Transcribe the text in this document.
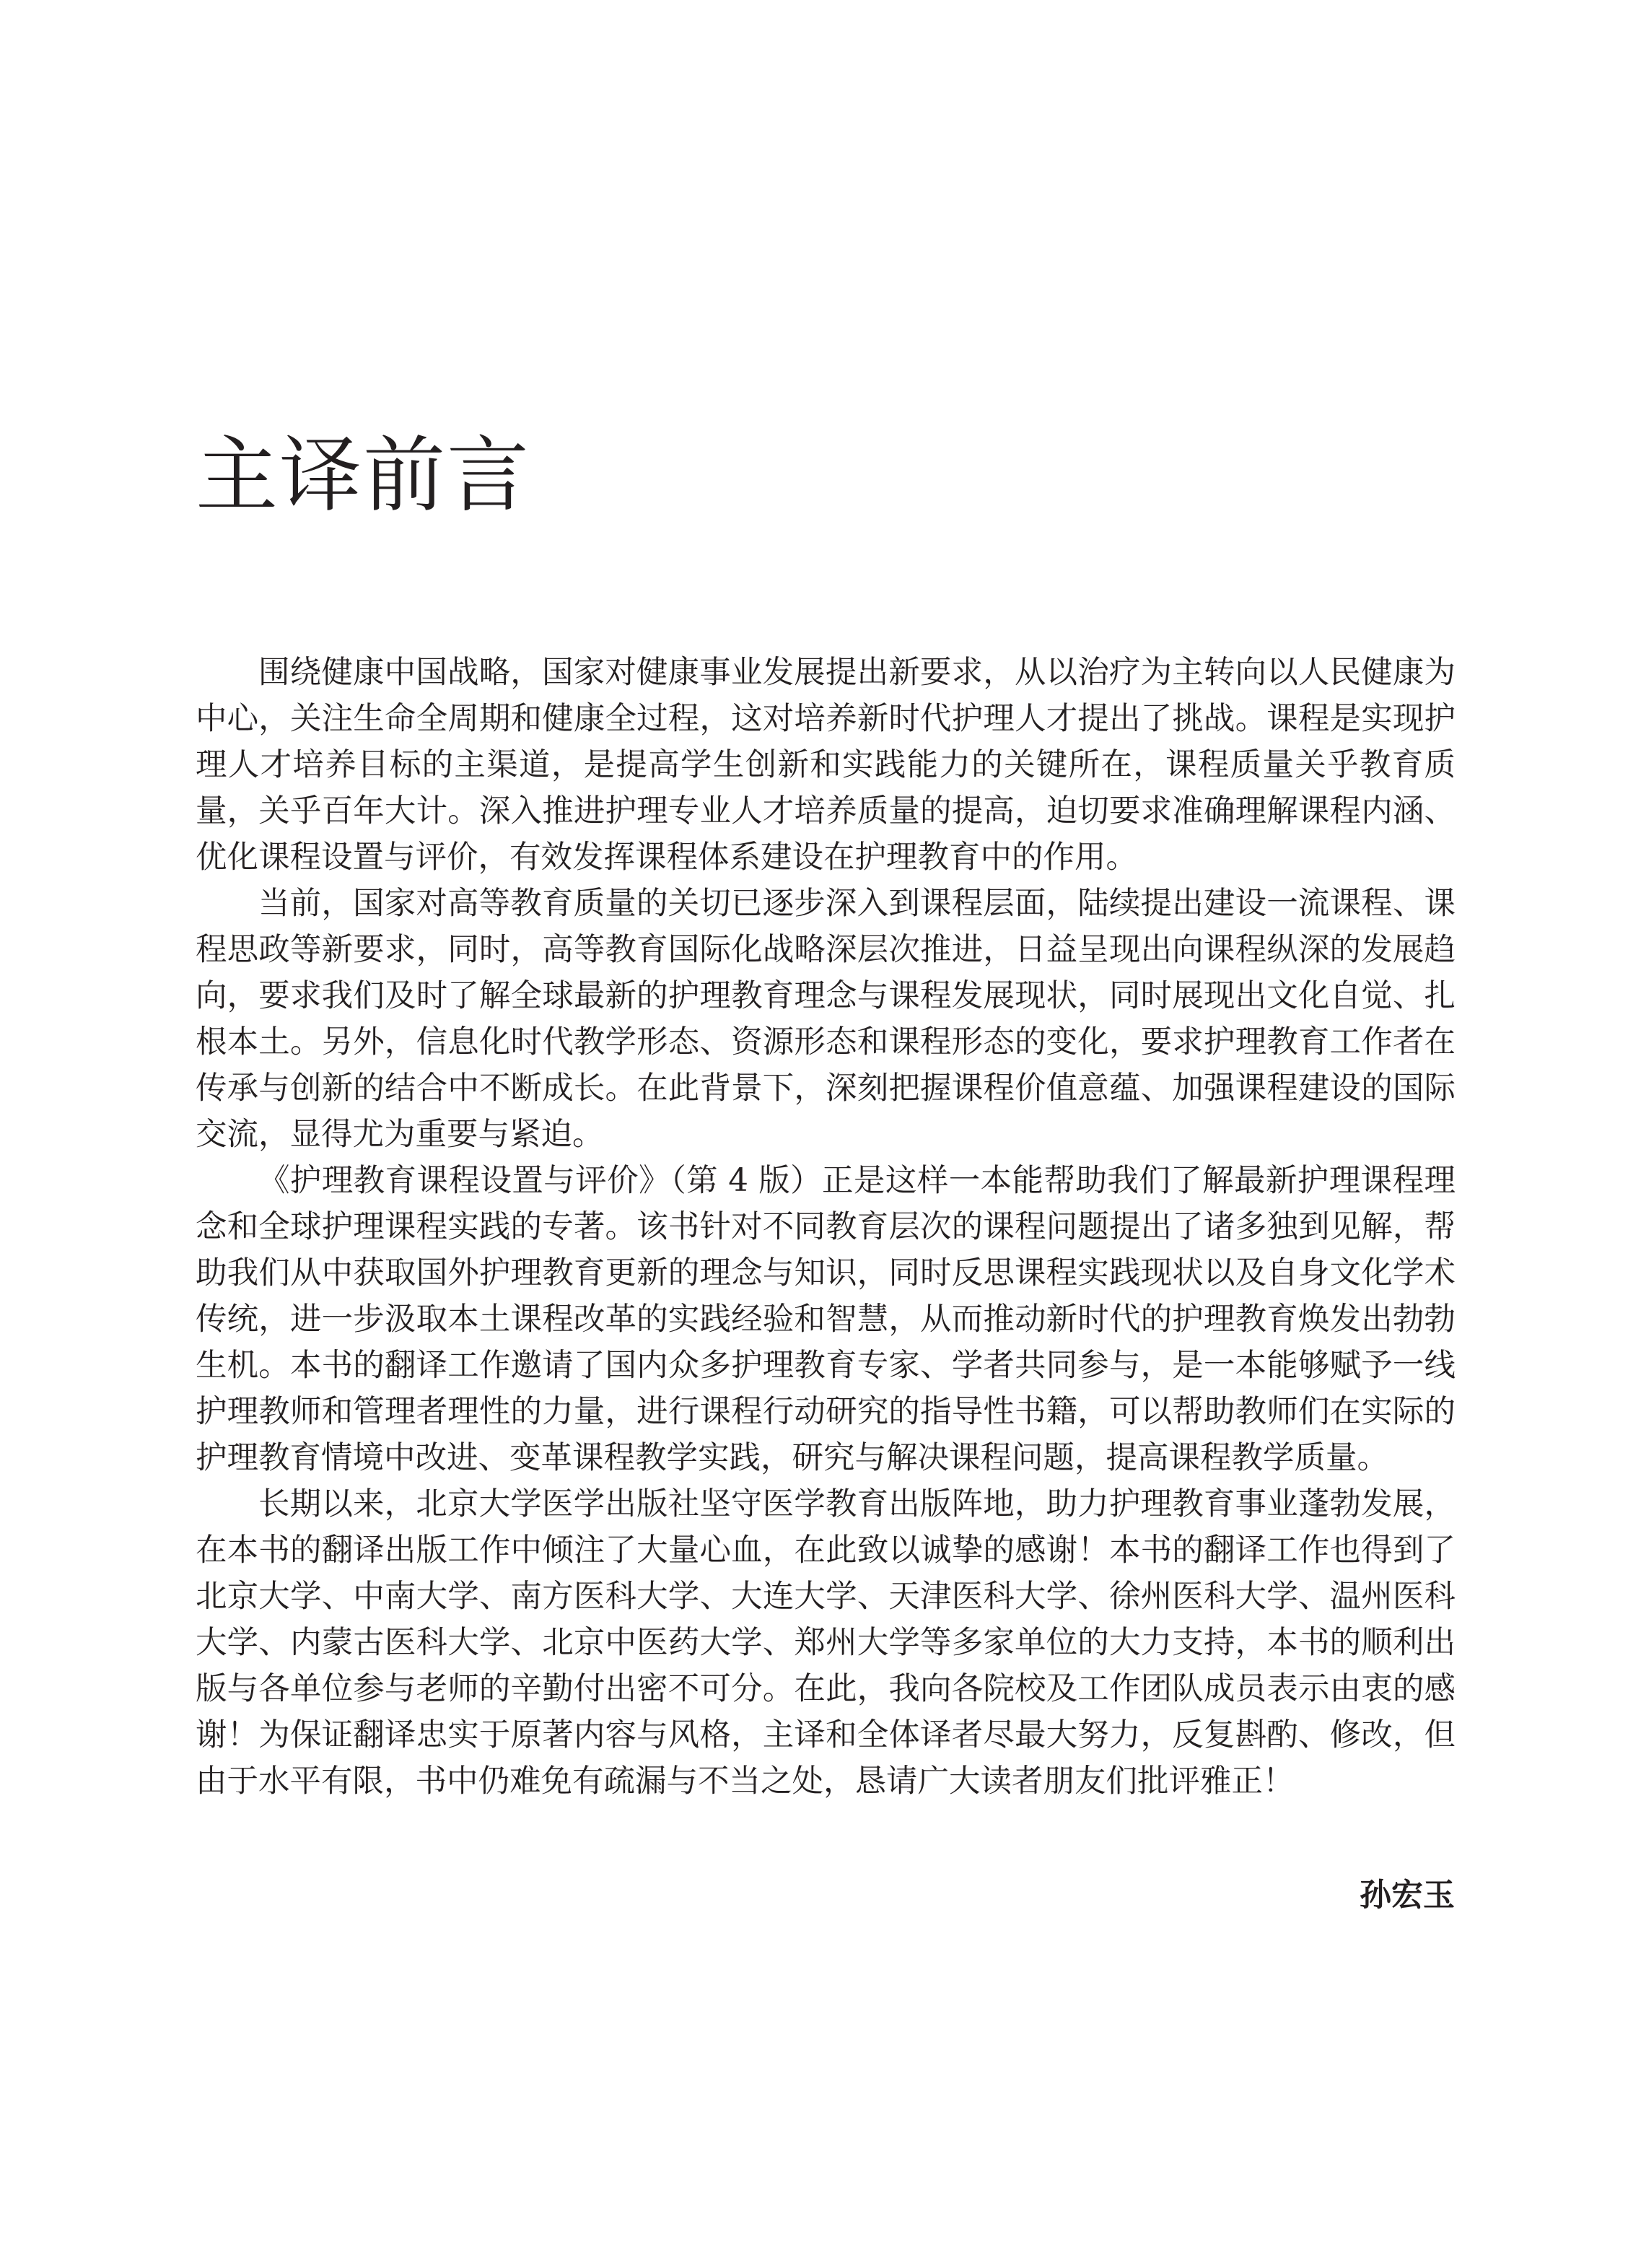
主译前言

围绕健康中国战略，国家对健康事业发展提出新要求，从以治疗为主转向以人民健康为中心，关注生命全周期和健康全过程，这对培养新时代护理人才提出了挑战。课程是实现护理人才培养目标的主渠道，是提高学生创新和实践能力的关键所在，课程质量关乎教育质量，关乎百年大计。深入推进护理专业人才培养质量的提高，迫切要求准确理解课程内涵、优化课程设置与评价，有效发挥课程体系建设在护理教育中的作用。

当前，国家对高等教育质量的关切已逐步深入到课程层面，陆续提出建设一流课程、课程思政等新要求，同时，高等教育国际化战略深层次推进，日益呈现出向课程纵深的发展趋向，要求我们及时了解全球最新的护理教育理念与课程发展现状，同时展现出文化自觉、扎根本土。另外，信息化时代教学形态、资源形态和课程形态的变化，要求护理教育工作者在传承与创新的结合中不断成长。在此背景下，深刻把握课程价值意蕴、加强课程建设的国际交流，显得尤为重要与紧迫。

《护理教育课程设置与评价》（第 4 版）正是这样一本能帮助我们了解最新护理课程理念和全球护理课程实践的专著。该书针对不同教育层次的课程问题提出了诸多独到见解，帮助我们从中获取国外护理教育更新的理念与知识，同时反思课程实践现状以及自身文化学术传统，进一步汲取本土课程改革的实践经验和智慧，从而推动新时代的护理教育焕发出勃勃生机。本书的翻译工作邀请了国内众多护理教育专家、学者共同参与，是一本能够赋予一线护理教师和管理者理性的力量，进行课程行动研究的指导性书籍，可以帮助教师们在实际的护理教育情境中改进、变革课程教学实践，研究与解决课程问题，提高课程教学质量。

长期以来，北京大学医学出版社坚守医学教育出版阵地，助力护理教育事业蓬勃发展，在本书的翻译出版工作中倾注了大量心血，在此致以诚挚的感谢！本书的翻译工作也得到了北京大学、中南大学、南方医科大学、大连大学、天津医科大学、徐州医科大学、温州医科大学、内蒙古医科大学、北京中医药大学、郑州大学等多家单位的大力支持，本书的顺利出版与各单位参与老师的辛勤付出密不可分。在此，我向各院校及工作团队成员表示由衷的感谢！为保证翻译忠实于原著内容与风格，主译和全体译者尽最大努力，反复斟酌、修改，但由于水平有限，书中仍难免有疏漏与不当之处，恳请广大读者朋友们批评雅正！

孙宏玉
